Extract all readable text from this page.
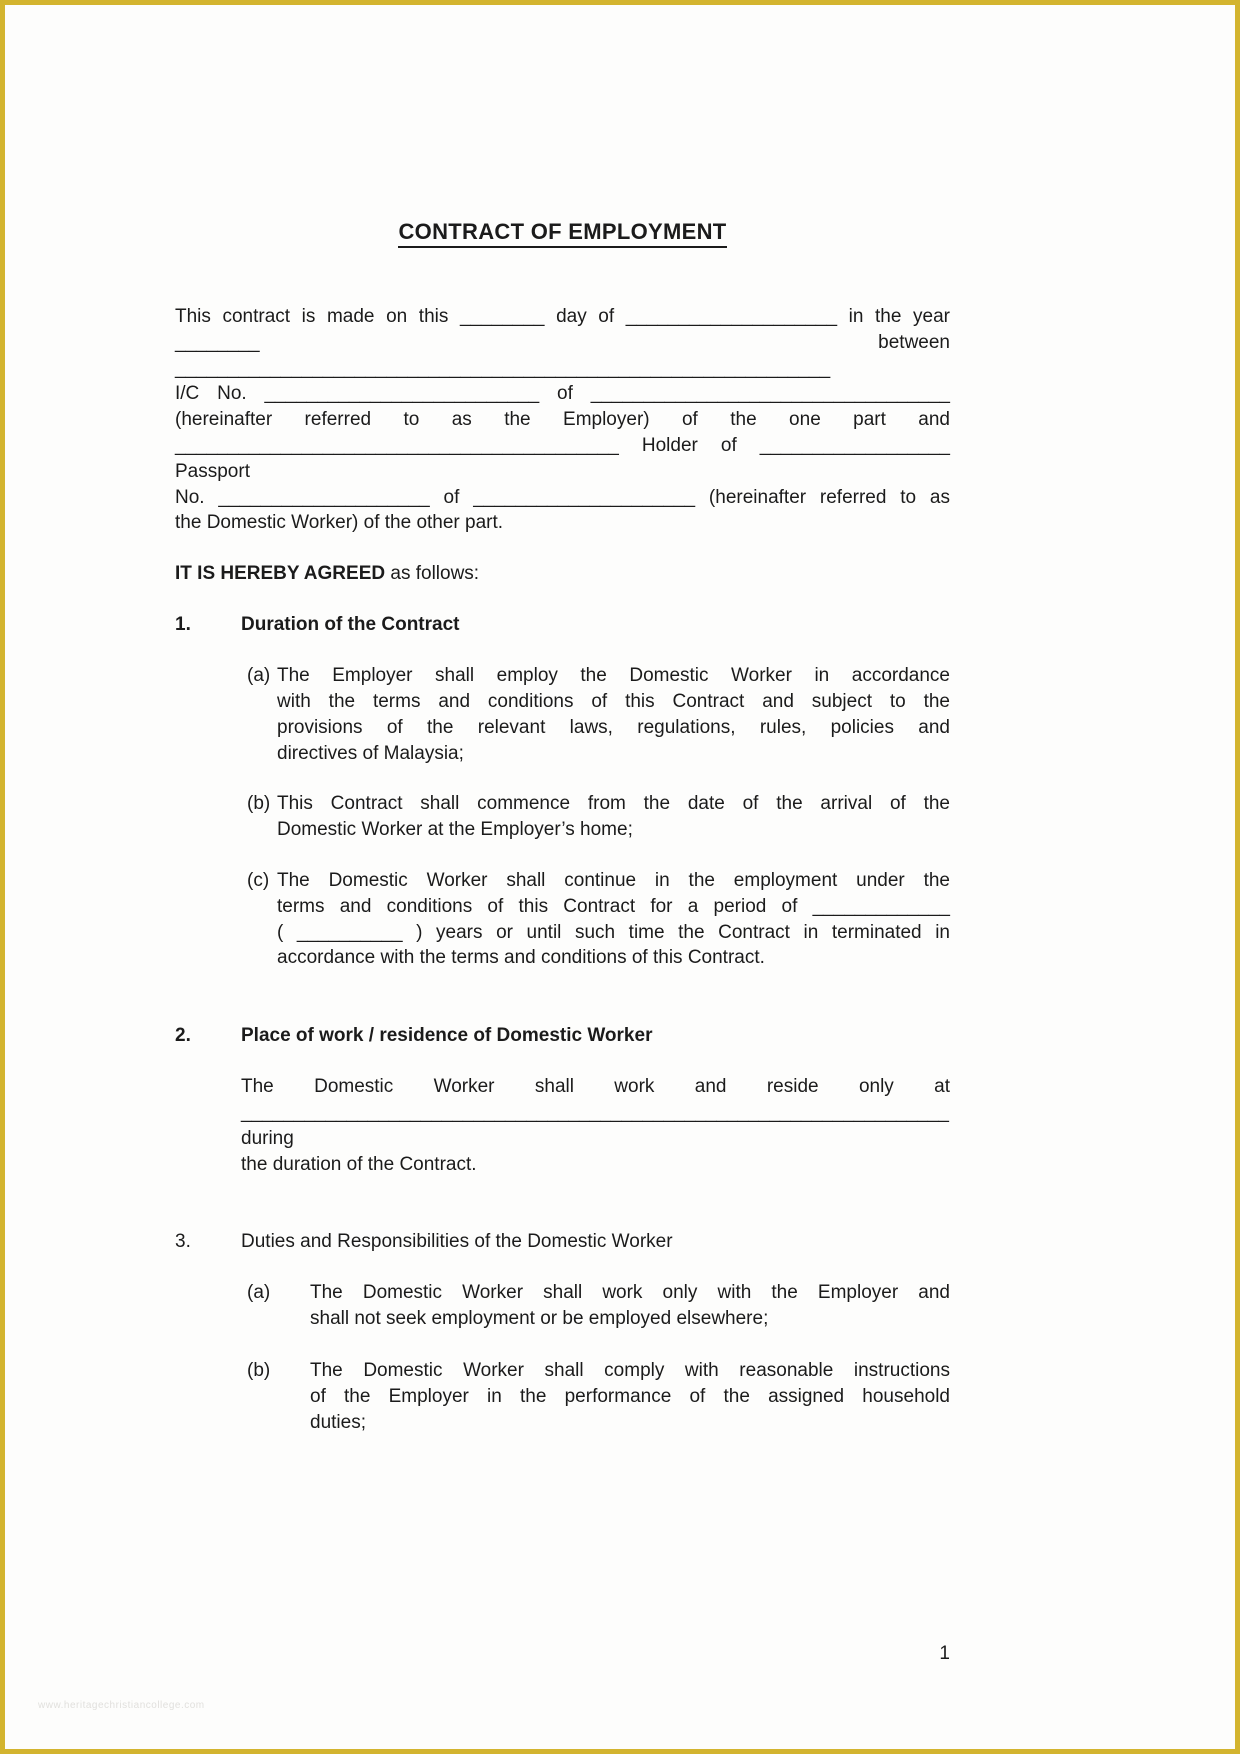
CONTRACT OF EMPLOYMENT
This contract is made on this ________ day of ____________________ in the year
________ between ______________________________________________________________
I/C No. __________________________ of __________________________________
(hereinafter referred to as the Employer) of the one part and
__________________________________________ Holder of __________________ Passport
No. ____________________ of _____________________ (hereinafter referred to as
the Domestic Worker) of the other part.
IT IS HEREBY AGREED as follows:
1.	Duration of the Contract
(a) The Employer shall employ the Domestic Worker in accordance
with the terms and conditions of this Contract and subject to the
provisions of the relevant laws, regulations, rules, policies and
directives of Malaysia;
(b) This Contract shall commence from the date of the arrival of the
Domestic Worker at the Employer’s home;
(c) The Domestic Worker shall continue in the employment under the
terms and conditions of this Contract for a period of _____________
( __________ ) years or until such time the Contract in terminated in
accordance with the terms and conditions of this Contract.
2.	Place of work / residence of Domestic Worker
The Domestic Worker shall work and reside only at
___________________________________________________________________ during
the duration of the Contract.
3.	Duties and Responsibilities of the Domestic Worker
(a)	The Domestic Worker shall work only with the Employer and
shall not seek employment or be employed elsewhere;
(b)	The Domestic Worker shall comply with reasonable instructions
of the Employer in the performance of the assigned household
duties;
1
www.heritagechristiancollege.com
